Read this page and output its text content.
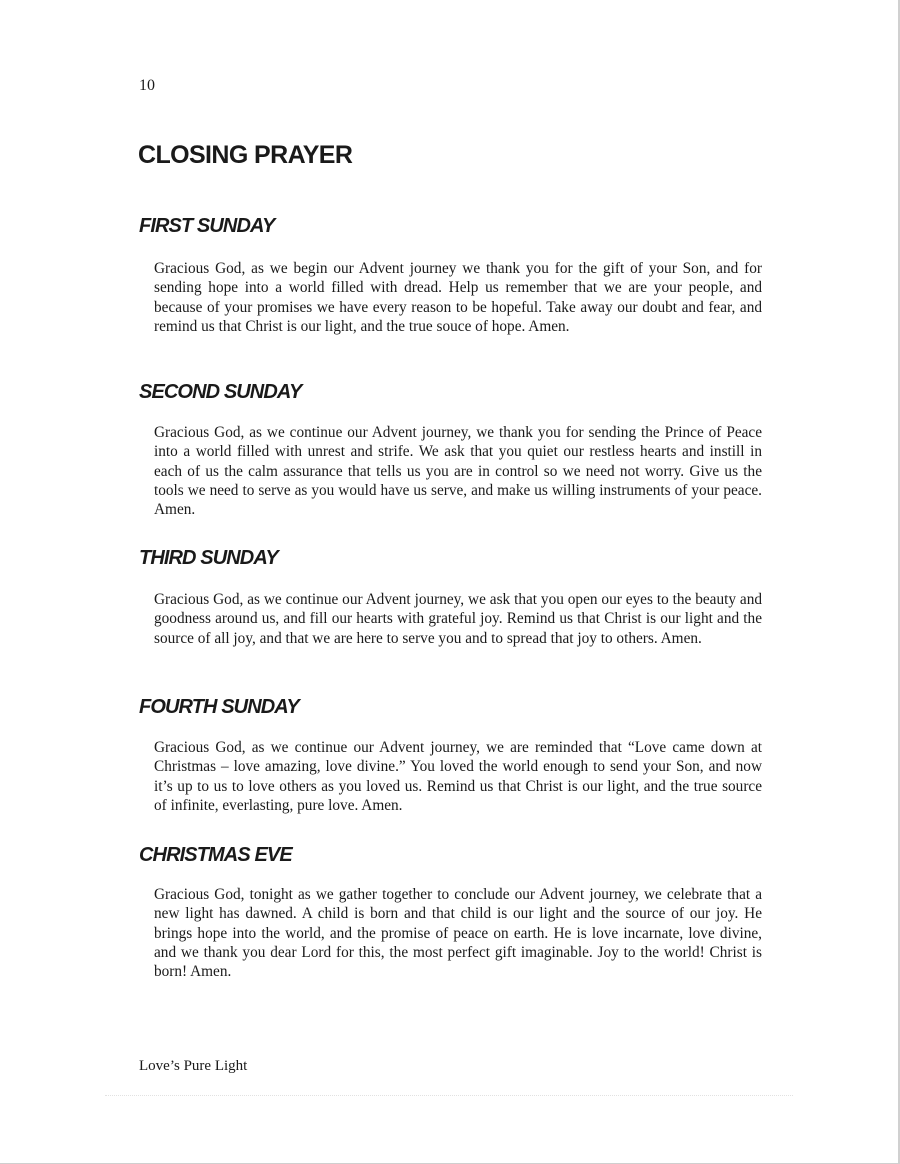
10
CLOSING PRAYER
FIRST SUNDAY

Gracious God, as we begin our Advent journey we thank you for the gift of your Son, and for sending hope into a world filled with dread. Help us remember that we are your people, and because of your promises we have every reason to be hopeful. Take away our doubt and fear, and remind us that Christ is our light, and the true souce of hope. Amen.

SECOND SUNDAY

Gracious God, as we continue our Advent journey, we thank you for sending the Prince of Peace into a world filled with unrest and strife. We ask that you quiet our restless hearts and instill in each of us the calm assurance that tells us you are in control so we need not worry. Give us the tools we need to serve as you would have us serve, and make us willing instruments of your peace. Amen.

THIRD SUNDAY

Gracious God, as we continue our Advent journey, we ask that you open our eyes to the beauty and goodness around us, and fill our hearts with grateful joy. Remind us that Christ is our light and the source of all joy, and that we are here to serve you and to spread that joy to others. Amen.

FOURTH SUNDAY

Gracious God, as we continue our Advent journey, we are reminded that “Love came down at Christmas – love amazing, love divine.” You loved the world enough to send your Son, and now it’s up to us to love others as you loved us. Remind us that Christ is our light, and the true source of infinite, everlasting, pure love. Amen.

CHRISTMAS EVE

Gracious God, tonight as we gather together to conclude our Advent journey, we celebrate that a new light has dawned. A child is born and that child is our light and the source of our joy. He brings hope into the world, and the promise of peace on earth. He is love incarnate, love divine, and we thank you dear Lord for this, the most perfect gift imaginable. Joy to the world! Christ is born! Amen.

Love’s Pure Light
